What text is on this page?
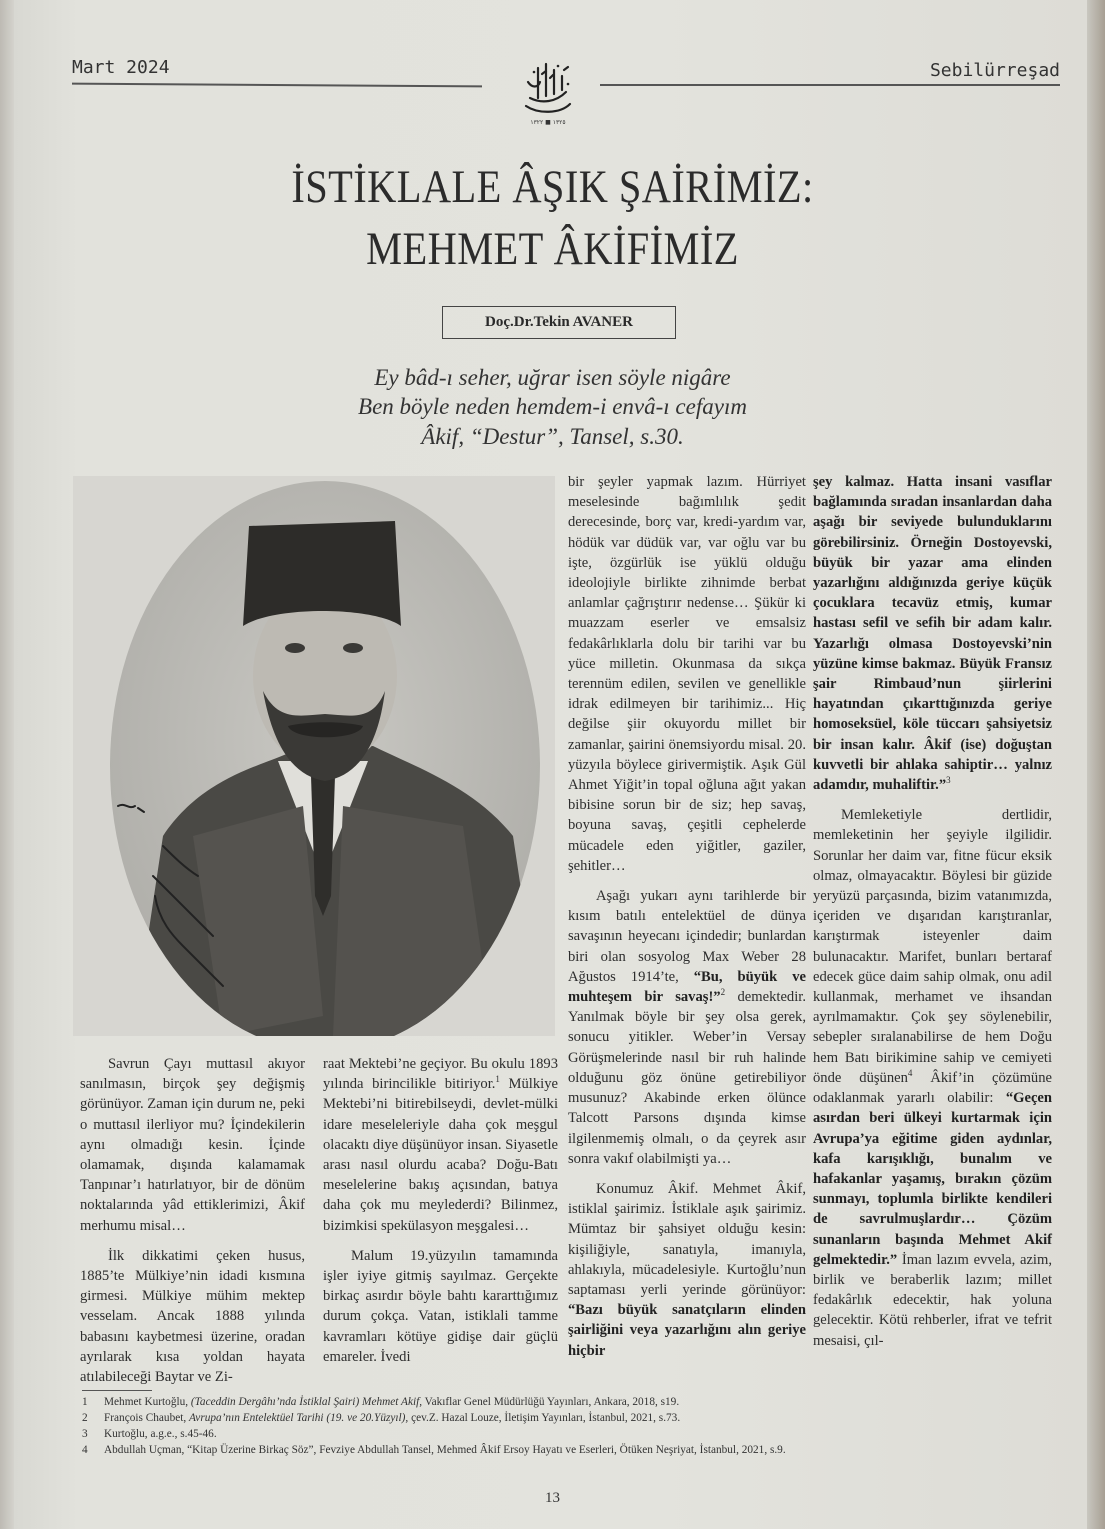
Mart 2024
١٣٢٥ ■ ١٣٢٢
Sebilürreşad
İSTİKLALE ÂŞIK ŞAİRİMİZ:
MEHMET ÂKİFİMİZ
Doç.Dr.Tekin AVANER
Ey bâd-ı seher, uğrar isen söyle nigâre
Ben böyle neden hemdem-i envâ-ı cefayım
Âkif, “Destur”, Tansel, s.30.

bir şeyler yapmak lazım. Hürriyet meselesinde bağımlılık şedit derecesinde, borç var, kredi-yardım var, hödük var düdük var, var oğlu var bu işte, özgürlük ise yüklü olduğu ideolojiyle birlikte zihnimde berbat anlamlar çağrıştırır nedense… Şükür ki muazzam eserler ve emsalsiz fedakârlıklarla dolu bir tarihi var bu yüce milletin. Okunmasa da sıkça terennüm edilen, sevilen ve genellikle idrak edilmeyen bir tarihimiz... Hiç değilse şiir okuyordu millet bir zamanlar, şairini önemsiyordu misal. 20. yüzyıla böylece girivermiştik. Aşık Gül Ahmet Yiğit’in topal oğluna ağıt yakan bibisine sorun bir de siz; hep savaş, boyuna savaş, çeşitli cephelerde mücadele eden yiğitler, gaziler, şehitler…

Aşağı yukarı aynı tarihlerde bir kısım batılı entelektüel de dünya savaşının heyecanı içindedir; bunlardan biri olan sosyolog Max Weber 28 Ağustos 1914’te, “Bu, büyük ve muhteşem bir savaş!”$^2$ demektedir. Yanılmak böyle bir şey olsa gerek, sonucu yitikler. Weber’in Versay Görüşmelerinde nasıl bir ruh halinde olduğunu göz önüne getirebiliyor musunuz? Akabinde erken ölünce Talcott Parsons dışında kimse ilgilenmemiş olmalı, o da çeyrek asır sonra vakıf olabilmişti ya…

Konumuz Âkif. Mehmet Âkif, istiklal şairimiz. İstiklale aşık şairimiz. Mümtaz bir şahsiyet olduğu kesin: kişiliğiyle, sanatıyla, imanıyla, ahlakıyla, mücadelesiyle. Kurtoğlu’nun saptaması yerli yerinde görünüyor: “Bazı büyük sanatçıların elinden şairliğini veya yazarlığını alın geriye hiçbir

şey kalmaz. Hatta insani vasıflar bağlamında sıradan insanlardan daha aşağı bir seviyede bulunduklarını görebilirsiniz. Örneğin Dostoyevski, büyük bir yazar ama elinden yazarlığını aldığınızda geriye küçük çocuklara tecavüz etmiş, kumar hastası sefil ve sefih bir adam kalır. Yazarlığı olmasa Dostoyevski’nin yüzüne kimse bakmaz. Büyük Fransız şair Rimbaud’nun şiirlerini hayatından çıkarttığınızda geriye homoseksüel, köle tüccarı şahsiyetsiz bir insan kalır. Âkif (ise) doğuştan kuvvetli bir ahlaka sahiptir… yalnız adamdır, muhaliftir.”$^3$

Memleketiyle dertlidir, memleketinin her şeyiyle ilgilidir. Sorunlar her daim var, fitne fücur eksik olmaz, olmayacaktır. Böylesi bir güzide yeryüzü parçasında, bizim vatanımızda, içeriden ve dışarıdan karıştıranlar, karıştırmak isteyenler daim bulunacaktır. Marifet, bunları bertaraf edecek güce daim sahip olmak, onu adil kullanmak, merhamet ve ihsandan ayrılmamaktır. Çok şey söylenebilir, sebepler sıralanabilirse de hem Doğu hem Batı birikimine sahip ve cemiyeti önde düşünen$^4$ Âkif’in çözümüne odaklanmak yararlı olabilir: “Geçen asırdan beri ülkeyi kurtarmak için Avrupa’ya eğitime giden aydınlar, kafa karışıklığı, bunalım ve hafakanlar yaşamış, bırakın çözüm sunmayı, toplumla birlikte kendileri de savrulmuşlardır… Çözüm sunanların başında Mehmet Akif gelmektedir.” İman lazım evvela, azim, birlik ve beraberlik lazım; millet fedakârlık edecektir, hak yoluna gelecektir. Kötü rehberler, ifrat ve tefrit mesaisi, çıl-

Savrun Çayı muttasıl akıyor sanılmasın, birçok şey değişmiş görünüyor. Zaman için durum ne, peki o muttasıl ilerliyor mu? İçindekilerin aynı olmadığı kesin. İçinde olamamak, dışında kalamamak Tanpınar’ı hatırlatıyor, bir de dönüm noktalarında yâd ettiklerimizi, Âkif merhumu misal…

İlk dikkatimi çeken husus, 1885’te Mülkiye’nin idadi kısmına girmesi. Mülkiye mühim mektep vesselam. Ancak 1888 yılında babasını kaybetmesi üzerine, oradan ayrılarak kısa yoldan hayata atılabileceği Baytar ve Zi-

raat Mektebi’ne geçiyor. Bu okulu 1893 yılında birincilikle bitiriyor.$^1$ Mülkiye Mektebi’ni bitirebilseydi, devlet-mülki idare meseleleriyle daha çok meşgul olacaktı diye düşünüyor insan. Siyasetle arası nasıl olurdu acaba? Doğu-Batı meselelerine bakış açısından, batıya daha çok mu meylederdi? Bilinmez, bizimkisi spekülasyon meşgalesi…

Malum 19.yüzyılın tamamında işler iyiye gitmiş sayılmaz. Gerçekte birkaç asırdır böyle bahtı kararttığımız durum çokça. Vatan, istiklali tamme kavramları kötüye gidişe dair güçlü emareler. İvedi

1	Mehmet Kurtoğlu, (Taceddin Dergâhı’nda İstiklal Şairi) Mehmet Akif, Vakıflar Genel Müdürlüğü Yayınları, Ankara, 2018, s19.
2	François Chaubet, Avrupa’nın Entelektüel Tarihi (19. ve 20.Yüzyıl), çev.Z. Hazal Louze, İletişim Yayınları, İstanbul, 2021, s.73.
3	Kurtoğlu, a.g.e., s.45-46.
4	Abdullah Uçman, “Kitap Üzerine Birkaç Söz”, Fevziye Abdullah Tansel, Mehmed Âkif Ersoy Hayatı ve Eserleri, Ötüken Neşriyat, İstanbul, 2021, s.9.
13
